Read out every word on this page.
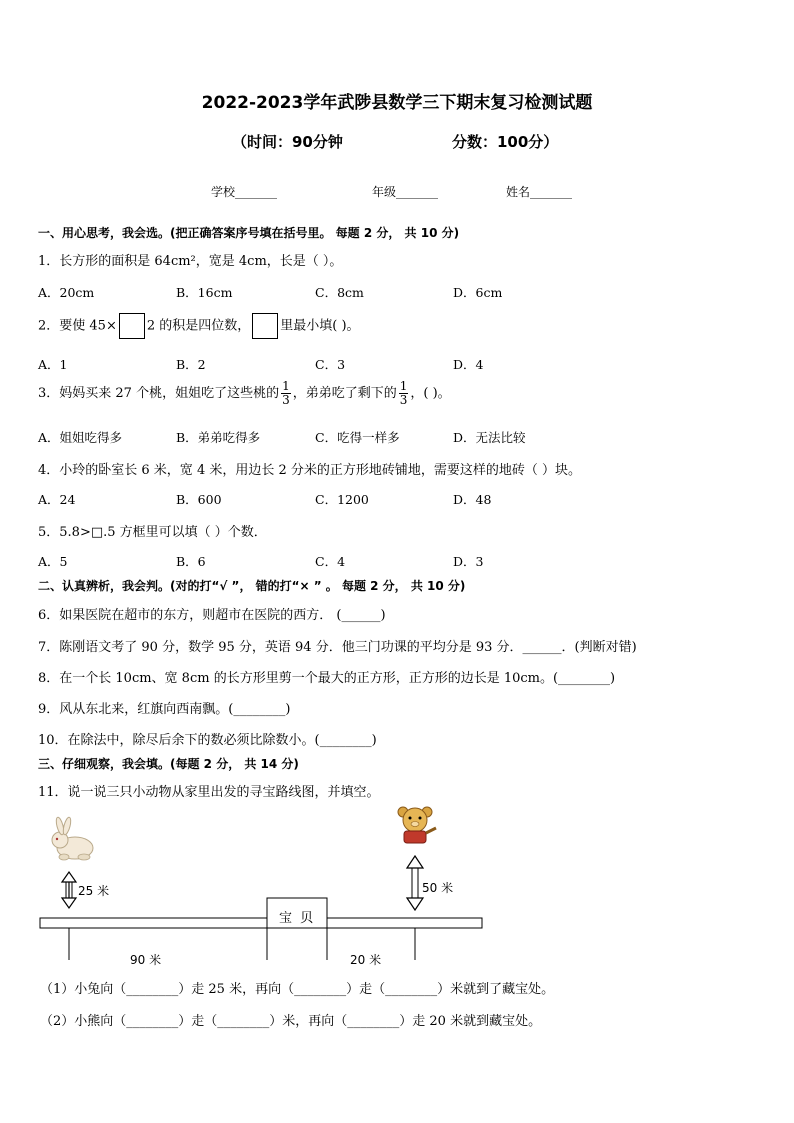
2022-2023学年武陟县数学三下期末复习检测试题
（时间：90分钟	分数：100分）
学校_______	年级_______	姓名_______
一、用心思考，我会选。(把正确答案序号填在括号里。 每题 2 分， 共 10 分)
1．长方形的面积是 64cm²，宽是 4cm，长是（ ）。
A．20cm	B．16cm	C．8cm	D．6cm
2．要使 45× 2 的积是四位数， 里最小填( )。
A．1	B．2	C．3	D．4
3．妈妈买来 27 个桃，姐姐吃了这些桃的 $\frac{1}{3}$ ，弟弟吃了剩下的 $\frac{1}{3}$ ，( )。
A．姐姐吃得多	B．弟弟吃得多	C．吃得一样多	D．无法比较
4．小玲的卧室长 6 米，宽 4 米，用边长 2 分米的正方形地砖铺地，需要这样的地砖（ ）块。
A．24	B．600	C．1200	D．48
5．5.8>□.5 方框里可以填（ ）个数．
A．5	B．6	C．4	D．3
二、认真辨析，我会判。(对的打“√ ”， 错的打“× ” 。 每题 2 分， 共 10 分)
6．如果医院在超市的东方，则超市在医院的西方． (______)
7．陈刚语文考了 90 分，数学 95 分，英语 94 分．他三门功课的平均分是 93 分．______．(判断对错)
8．在一个长 10cm、宽 8cm 的长方形里剪一个最大的正方形，正方形的边长是 10cm。(________)
9．风从东北来，红旗向西南飘。(________)
10．在除法中，除尽后余下的数必须比除数小。(________)
三、仔细观察，我会填。(每题 2 分， 共 14 分)
11．说一说三只小动物从家里出发的寻宝路线图，并填空。
宝 贝
25 米	50 米
90 米	20 米
（1）小兔向（________）走 25 米，再向（________）走（________）米就到了藏宝处。
（2）小熊向（________）走（________）米，再向（________）走 20 米就到藏宝处。
